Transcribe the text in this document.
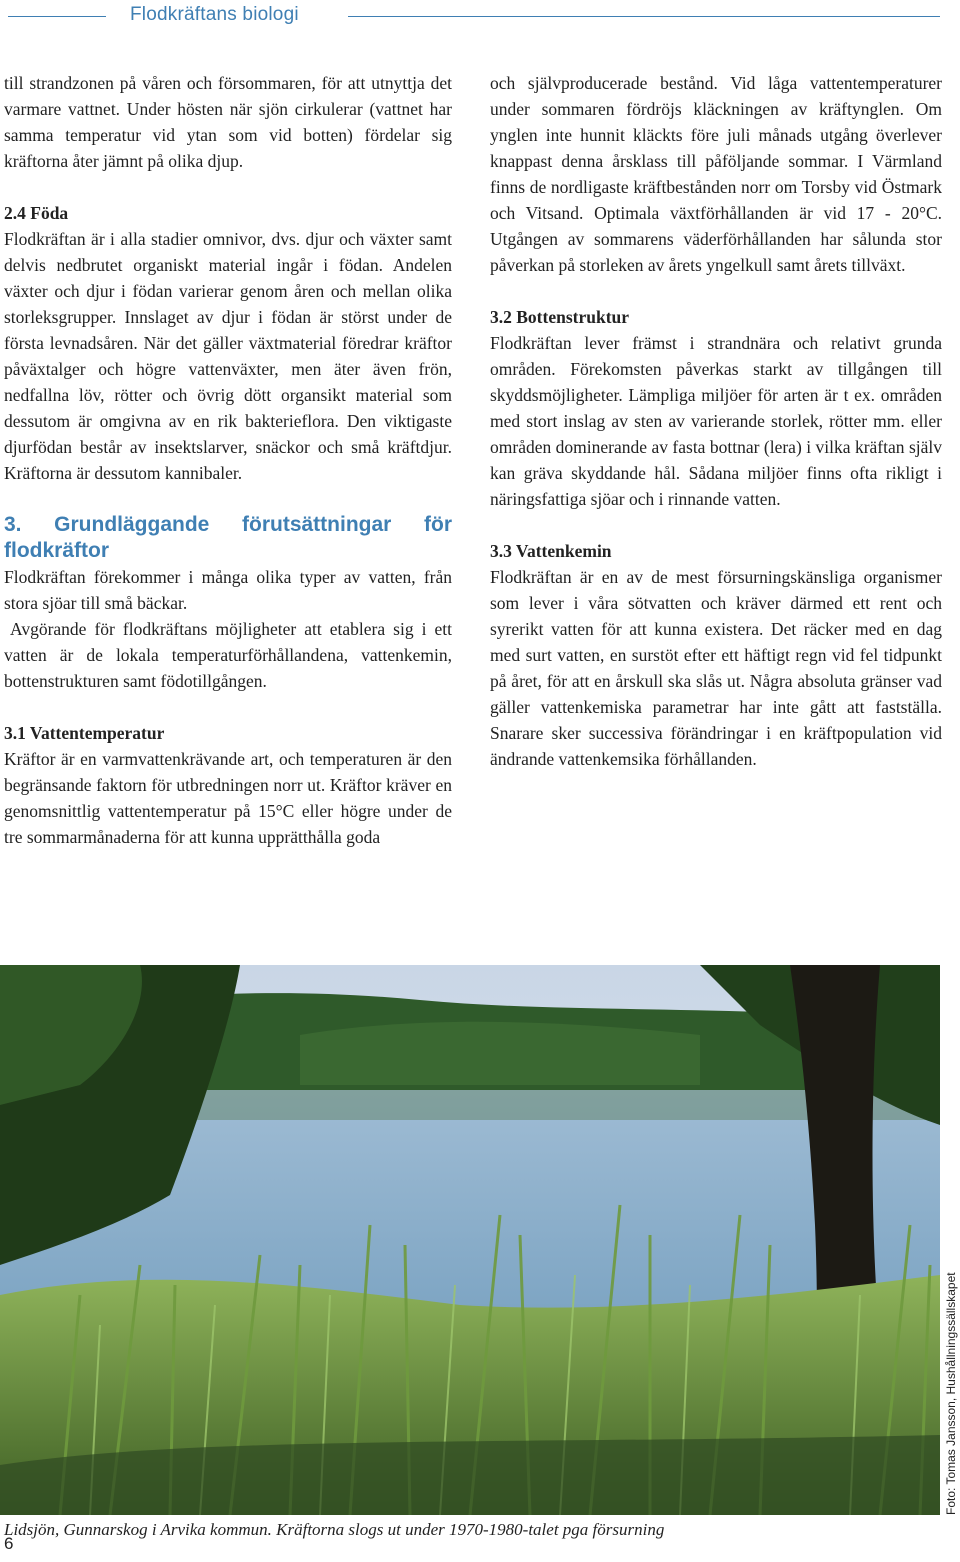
Flodkräftans biologi

till strandzonen på våren och försommaren, för att utnyttja det varmare vattnet. Under hösten när sjön cirkulerar (vattnet har samma temperatur vid ytan som vid botten) fördelar sig kräftorna åter jämnt på olika djup.

2.4 Föda

Flodkräftan är i alla stadier omnivor, dvs. djur och växter samt delvis nedbrutet organiskt material ingår i födan. Andelen växter och djur i födan varierar genom åren och mellan olika storleksgrupper. Innslaget av djur i födan är störst under de första levnadsåren. När det gäller växtmaterial föredrar kräftor påväxtalger och högre vattenväxter, men äter även frön, nedfallna löv, rötter och övrig dött organsikt material som dessutom är omgivna av en rik bakterieflora. Den viktigaste djurfödan består av insektslarver, snäckor och små kräftdjur. Kräftorna är dessutom kannibaler.

3. Grundläggande förutsättningar för flodkräftor

Flodkräftan förekommer i många olika typer av vatten, från stora sjöar till små bäckar.

Avgörande för flodkräftans möjligheter att etablera sig i ett vatten är de lokala temperaturförhållandena, vattenkemin, bottenstrukturen samt födotillgången.

3.1 Vattentemperatur

Kräftor är en varmvattenkrävande art, och temperaturen är den begränsande faktorn för utbredningen norr ut. Kräftor kräver en genomsnittlig vattentemperatur på 15°C eller högre under de tre sommarmånaderna för att kunna upprätthålla goda

och självproducerade bestånd. Vid låga vattentemperaturer under sommaren fördröjs kläckningen av kräftynglen. Om ynglen inte hunnit kläckts före juli månads utgång överlever knappast denna årsklass till påföljande sommar. I Värmland finns de nordligaste kräftbestånden norr om Torsby vid Östmark och Vitsand. Optimala växtförhållanden är vid 17 - 20°C. Utgången av sommarens väderförhållanden har sålunda stor påverkan på storleken av årets yngelkull samt årets tillväxt.

3.2 Bottenstruktur

Flodkräftan lever främst i strandnära och relativt grunda områden. Förekomsten påverkas starkt av tillgången till skyddsmöjligheter. Lämpliga miljöer för arten är t ex. områden med stort inslag av sten av varierande storlek, rötter mm. eller områden dominerande av fasta bottnar (lera) i vilka kräftan själv kan gräva skyddande hål. Sådana miljöer finns ofta rikligt i näringsfattiga sjöar och i rinnande vatten.

3.3 Vattenkemin

Flodkräftan är en av de mest försurningskänsliga organismer som lever i våra sötvatten och kräver därmed ett rent och syrerikt vatten för att kunna existera. Det räcker med en dag med surt vatten, en surstöt efter ett häftigt regn vid fel tidpunkt på året, för att en årskull ska slås ut. Några absoluta gränser vad gäller vattenkemiska parametrar har inte gått att fastställa. Snarare sker successiva förändringar i en kräftpopulation vid ändrande vattenkemsika förhållanden.

Foto: Tomas Jansson, Hushållningssällskapet
Lidsjön, Gunnarskog i Arvika kommun. Kräftorna slogs ut under 1970-1980-talet pga försurning
6
